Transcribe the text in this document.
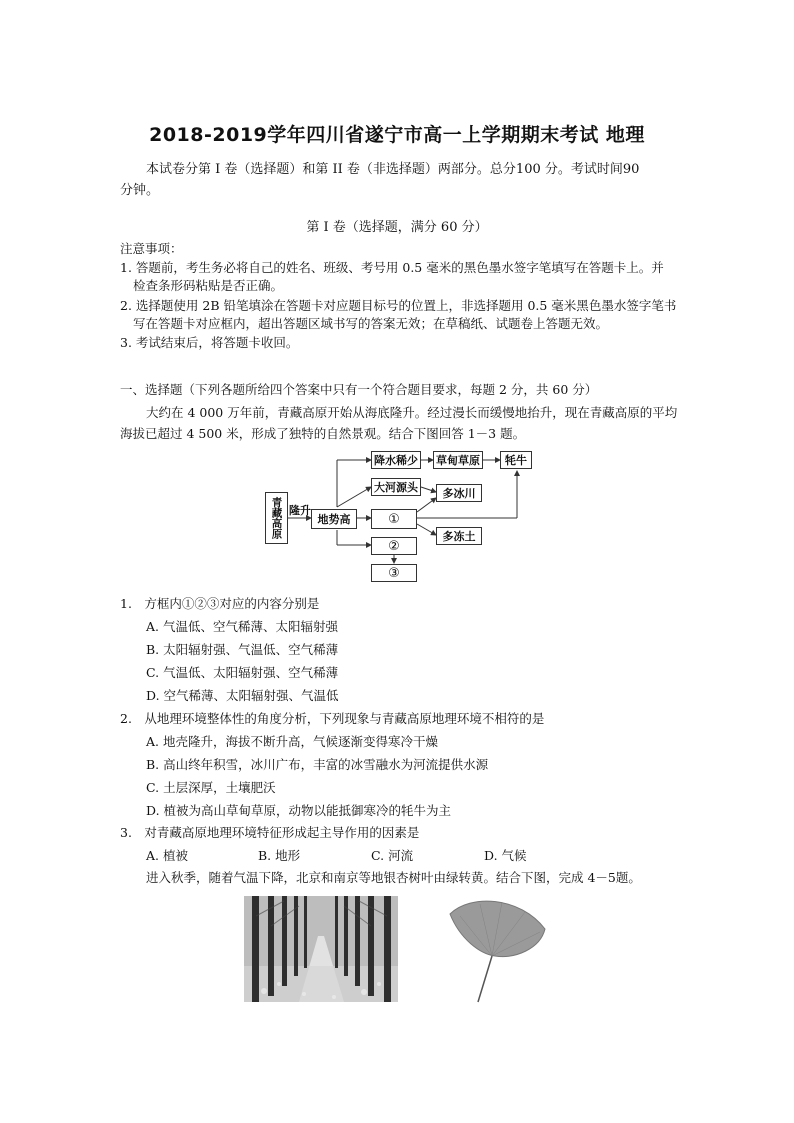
2018-2019学年四川省遂宁市高一上学期期末考试 地理
本试卷分第 I 卷（选择题）和第 II 卷（非选择题）两部分。总分100 分。考试时间90
分钟。
第 I 卷（选择题，满分 60 分）
注意事项：
1. 答题前，考生务必将自己的姓名、班级、考号用 0.5 毫米的黑色墨水签字笔填写在答题卡上。并
检查条形码粘贴是否正确。
2. 选择题使用 2B 铅笔填涂在答题卡对应题目标号的位置上，非选择题用 0.5 毫米黑色墨水签字笔书
写在答题卡对应框内，超出答题区域书写的答案无效；在草稿纸、试题卷上答题无效。
3. 考试结束后，将答题卡收回。
一、选择题（下列各题所给四个答案中只有一个符合题目要求，每题 2 分，共 60 分）
大约在 4 000 万年前，青藏高原开始从海底隆升。经过漫长而缓慢地抬升，现在青藏高原的平均
海拔已超过 4 500 米，形成了独特的自然景观。结合下图回答 1－3 题。
青藏高原 隆升
地势高
降水稀少 草甸草原	牦牛
大河源头	多冰川
①
多冻土
②
③
1.　方框内①②③对应的内容分别是
A. 气温低、空气稀薄、太阳辐射强
B. 太阳辐射强、气温低、空气稀薄
C. 气温低、太阳辐射强、空气稀薄
D. 空气稀薄、太阳辐射强、气温低
2.　从地理环境整体性的角度分析，下列现象与青藏高原地理环境不相符的是
A. 地壳隆升，海拔不断升高，气候逐渐变得寒冷干燥
B. 高山终年积雪，冰川广布，丰富的冰雪融水为河流提供水源
C. 土层深厚，土壤肥沃
D. 植被为高山草甸草原，动物以能抵御寒冷的牦牛为主
3.　对青藏高原地理环境特征形成起主导作用的因素是
A. 植被	B. 地形	C. 河流	D. 气候
进入秋季，随着气温下降，北京和南京等地银杏树叶由绿转黄。结合下图，完成 4－5题。
